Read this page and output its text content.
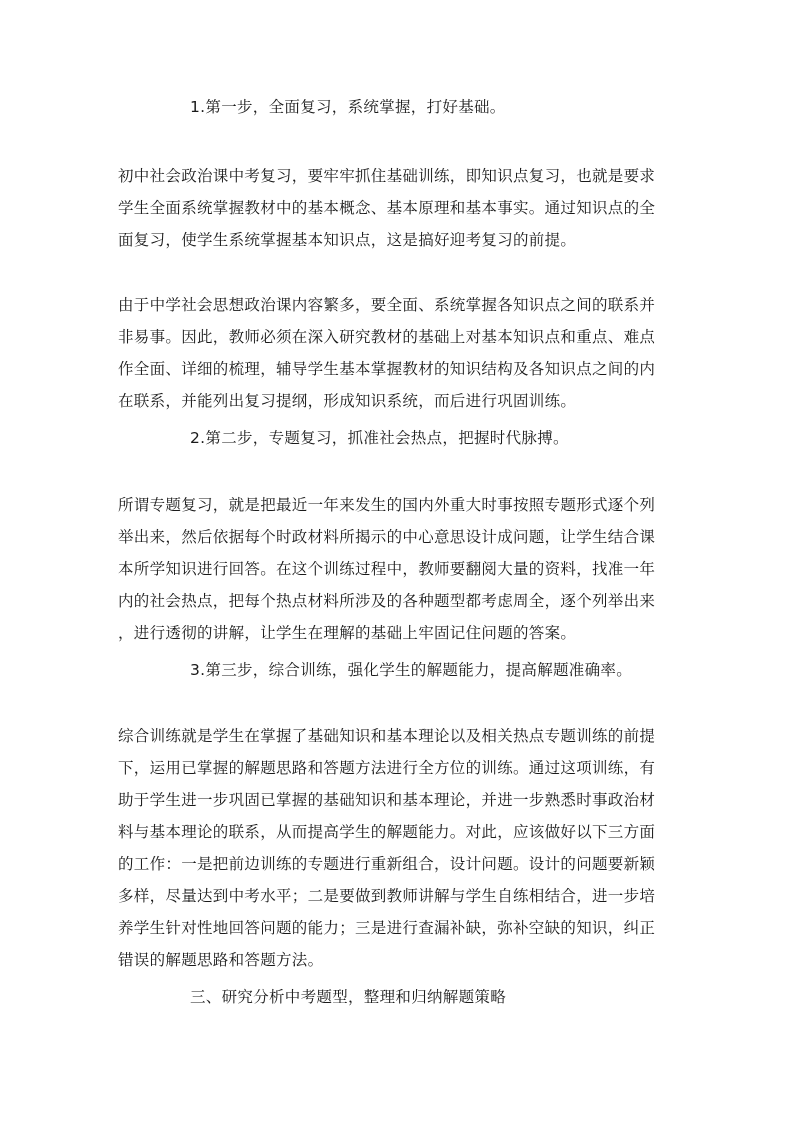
1.第一步，全面复习，系统掌握，打好基础。
初中社会政治课中考复习，要牢牢抓住基础训练，即知识点复习，也就是要求
学生全面系统掌握教材中的基本概念、基本原理和基本事实。通过知识点的全
面复习，使学生系统掌握基本知识点，这是搞好迎考复习的前提。
由于中学社会思想政治课内容繁多，要全面、系统掌握各知识点之间的联系并
非易事。因此，教师必须在深入研究教材的基础上对基本知识点和重点、难点
作全面、详细的梳理，辅导学生基本掌握教材的知识结构及各知识点之间的内
在联系，并能列出复习提纲，形成知识系统，而后进行巩固训练。
2.第二步，专题复习，抓准社会热点，把握时代脉搏。
所谓专题复习，就是把最近一年来发生的国内外重大时事按照专题形式逐个列
举出来，然后依据每个时政材料所揭示的中心意思设计成问题，让学生结合课
本所学知识进行回答。在这个训练过程中，教师要翻阅大量的资料，找准一年
内的社会热点，把每个热点材料所涉及的各种题型都考虑周全，逐个列举出来
，进行透彻的讲解，让学生在理解的基础上牢固记住问题的答案。
3.第三步，综合训练，强化学生的解题能力，提高解题准确率。
综合训练就是学生在掌握了基础知识和基本理论以及相关热点专题训练的前提
下，运用已掌握的解题思路和答题方法进行全方位的训练。通过这项训练，有
助于学生进一步巩固已掌握的基础知识和基本理论，并进一步熟悉时事政治材
料与基本理论的联系，从而提高学生的解题能力。对此，应该做好以下三方面
的工作：一是把前边训练的专题进行重新组合，设计问题。设计的问题要新颖
多样，尽量达到中考水平；二是要做到教师讲解与学生自练相结合，进一步培
养学生针对性地回答问题的能力；三是进行查漏补缺，弥补空缺的知识，纠正
错误的解题思路和答题方法。
三、研究分析中考题型，整理和归纳解题策略
